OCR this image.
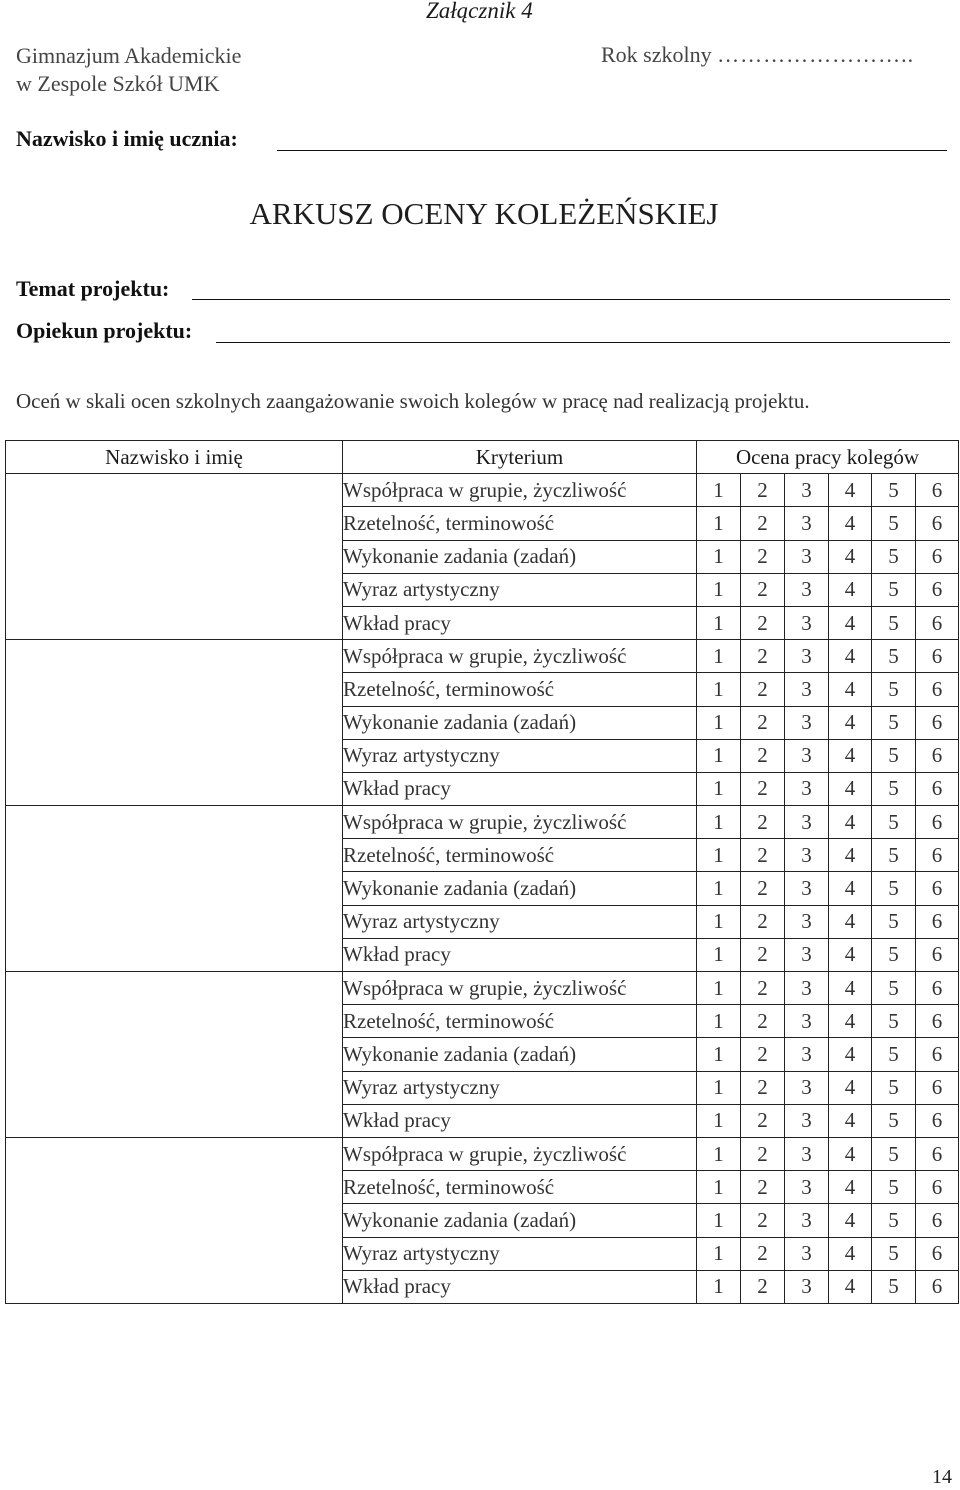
Załącznik 4
Gimnazjum Akademickie
w Zespole Szkół UMK
Rok szkolny ……………………..
Nazwisko i imię ucznia:
ARKUSZ OCENY KOLEŻEŃSKIEJ
Temat projektu:
Opiekun projektu:
Oceń w skali ocen szkolnych zaangażowanie swoich kolegów w pracę nad realizacją projektu.
Nazwisko i imię	Kryterium	Ocena pracy kolegów					
	Współpraca w grupie, życzliwość	1	2	3	4	5	6
	Rzetelność, terminowość	1	2	3	4	5	6
	Wykonanie zadania (zadań)	1	2	3	4	5	6
	Wyraz artystyczny	1	2	3	4	5	6
	Wkład pracy	1	2	3	4	5	6
	Współpraca w grupie, życzliwość	1	2	3	4	5	6
	Rzetelność, terminowość	1	2	3	4	5	6
	Wykonanie zadania (zadań)	1	2	3	4	5	6
	Wyraz artystyczny	1	2	3	4	5	6
	Wkład pracy	1	2	3	4	5	6
	Współpraca w grupie, życzliwość	1	2	3	4	5	6
	Rzetelność, terminowość	1	2	3	4	5	6
	Wykonanie zadania (zadań)	1	2	3	4	5	6
	Wyraz artystyczny	1	2	3	4	5	6
	Wkład pracy	1	2	3	4	5	6
	Współpraca w grupie, życzliwość	1	2	3	4	5	6
	Rzetelność, terminowość	1	2	3	4	5	6
	Wykonanie zadania (zadań)	1	2	3	4	5	6
	Wyraz artystyczny	1	2	3	4	5	6
	Wkład pracy	1	2	3	4	5	6
	Współpraca w grupie, życzliwość	1	2	3	4	5	6
	Rzetelność, terminowość	1	2	3	4	5	6
	Wykonanie zadania (zadań)	1	2	3	4	5	6
	Wyraz artystyczny	1	2	3	4	5	6
	Wkład pracy	1	2	3	4	5	6
14
